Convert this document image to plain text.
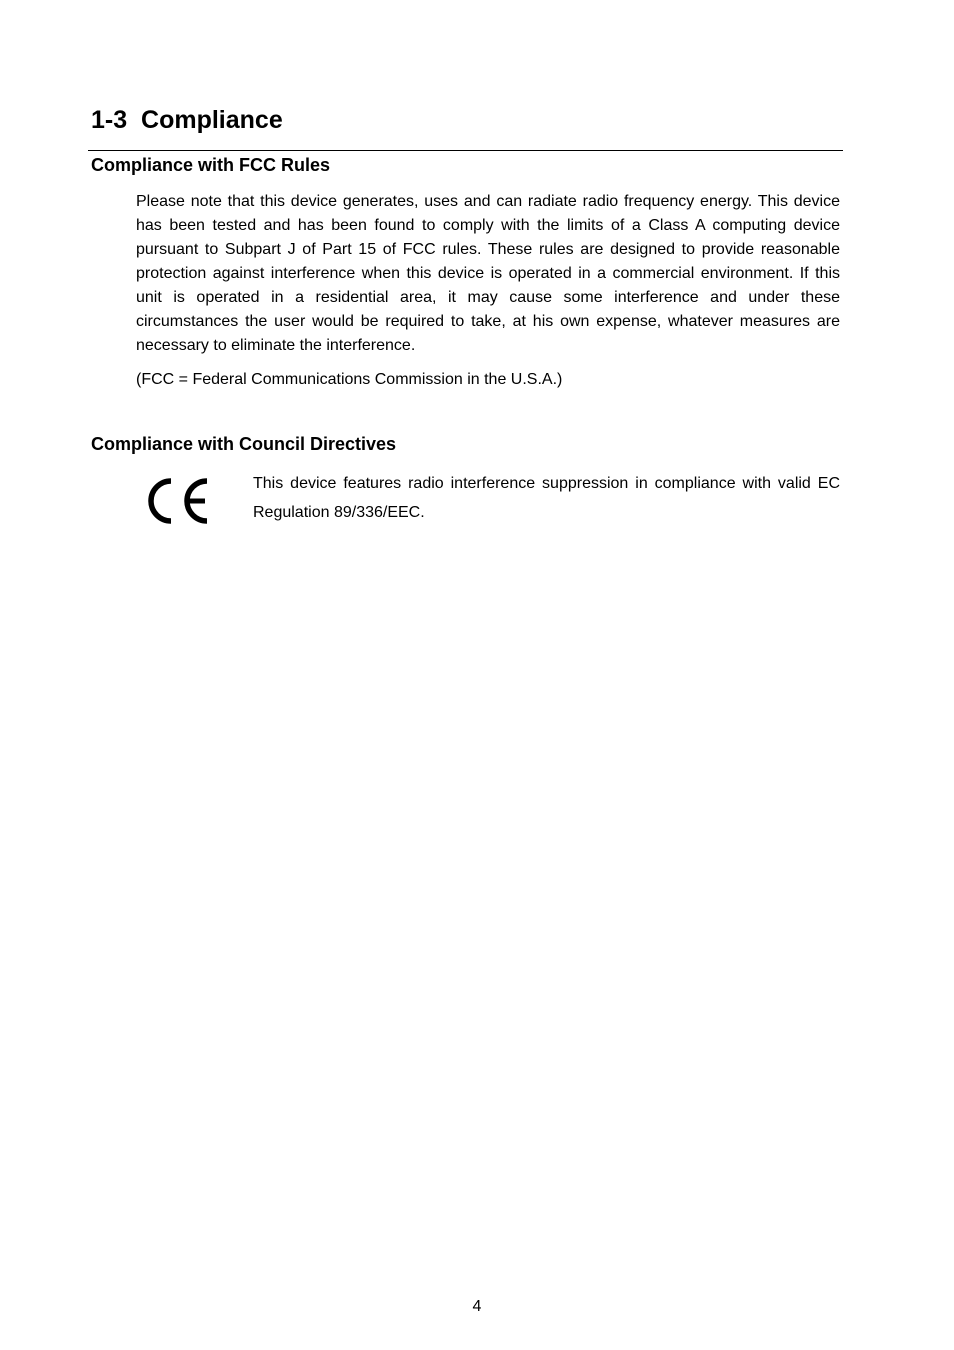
1-3  Compliance
Compliance with FCC Rules

Please note that this device generates, uses and can radiate radio frequency energy. This device has been tested and has been found to comply with the limits of a Class A computing device pursuant to Subpart J of Part 15 of FCC rules. These rules are designed to provide reasonable protection against interference when this device is operated in a commercial environment. If this unit is operated in a residential area, it may cause some interference and under these circumstances the user would be required to take, at his own expense, whatever measures are necessary to eliminate the interference.

(FCC = Federal Communications Commission in the U.S.A.)

Compliance with Council Directives

This device features radio interference suppression in compliance with valid EC Regulation 89/336/EEC.

4
